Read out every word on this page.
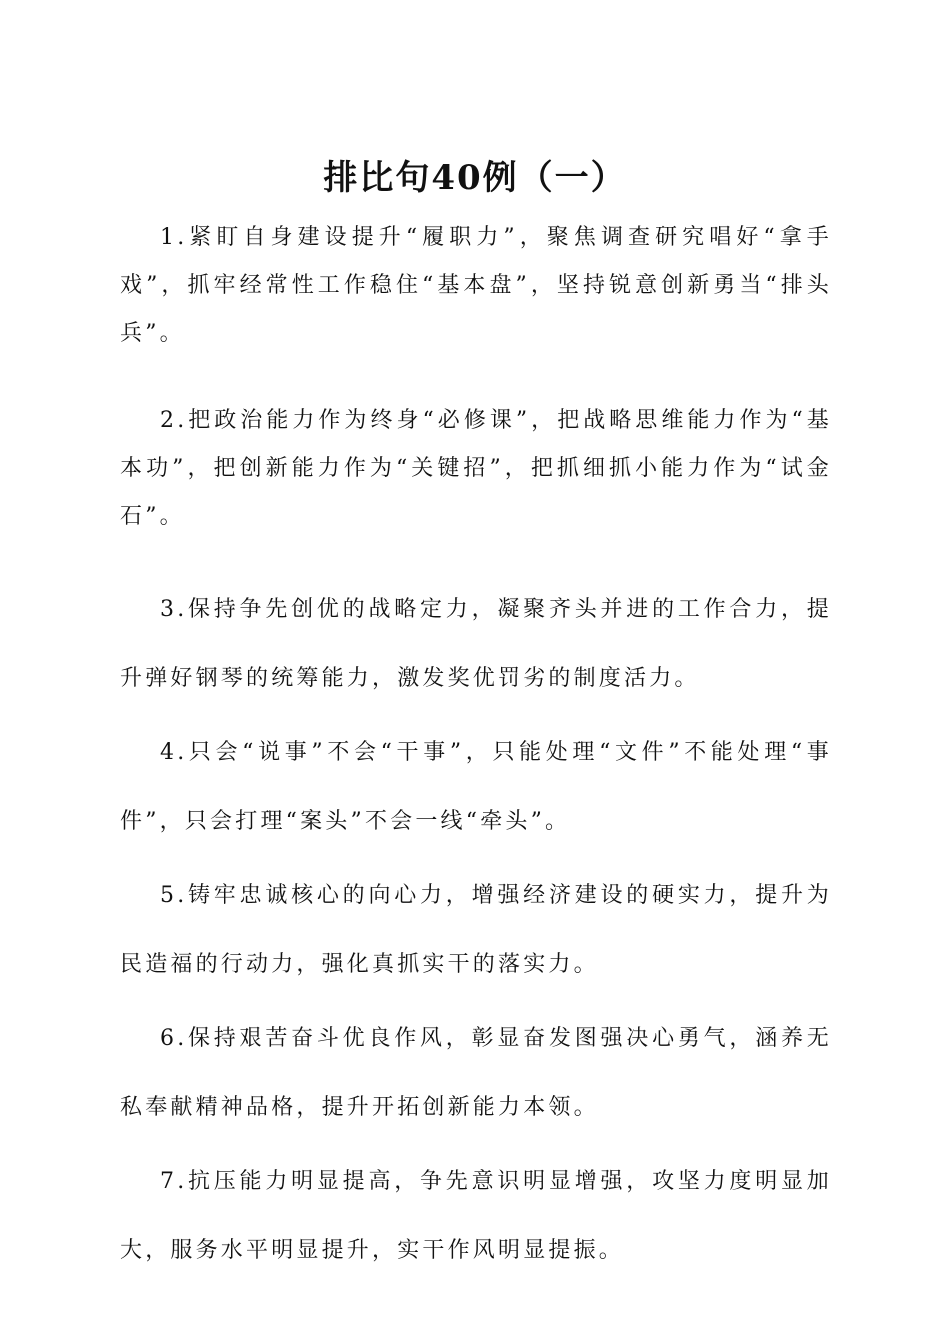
排比句40例（一）

1.紧盯自身建设提升“履职力”，聚焦调查研究唱好“拿手戏”，抓牢经常性工作稳住“基本盘”，坚持锐意创新勇当“排头兵”。

2.把政治能力作为终身“必修课”，把战略思维能力作为“基本功”，把创新能力作为“关键招”，把抓细抓小能力作为“试金石”。

3.保持争先创优的战略定力，凝聚齐头并进的工作合力，提升弹好钢琴的统筹能力，激发奖优罚劣的制度活力。

4.只会“说事”不会“干事”，只能处理“文件”不能处理“事件”，只会打理“案头”不会一线“牵头”。

5.铸牢忠诚核心的向心力，增强经济建设的硬实力，提升为民造福的行动力，强化真抓实干的落实力。

6.保持艰苦奋斗优良作风，彰显奋发图强决心勇气，涵养无私奉献精神品格，提升开拓创新能力本领。

7.抗压能力明显提高，争先意识明显增强，攻坚力度明显加大，服务水平明显提升，实干作风明显提振。
